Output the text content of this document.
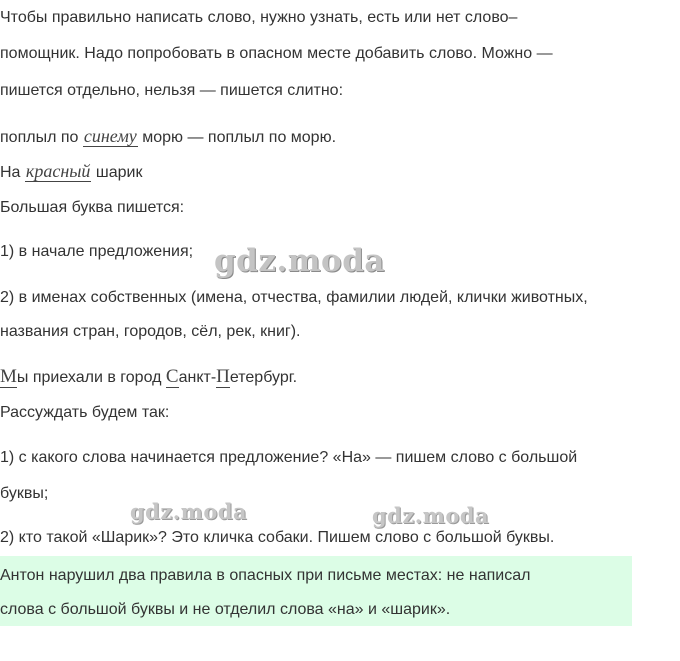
Чтобы правильно написать слово, нужно узнать, есть или нет слово–
помощник. Надо попробовать в опасном месте добавить слово. Можно —
пишется отдельно, нельзя — пишется слитно:
поплыл по синему морю — поплыл по морю.
На красный шарик
Большая буква пишется:
1) в начале предложения; gdz.moda
2) в именах собственных (имена, отчества, фамилии людей, клички животных,
названия стран, городов, сёл, рек, книг).
Мы приехали в город Санкт-Петербург.
Рассуждать будем так:
1) с какого слова начинается предложение? «На» — пишем слово с большой
буквы;
gdz.moda	gdz.moda
2) кто такой «Шарик»? Это кличка собаки. Пишем слово с большой буквы.
Антон нарушил два правила в опасных при письме местах: не написал
слова с большой буквы и не отделил слова «на» и «шарик».
